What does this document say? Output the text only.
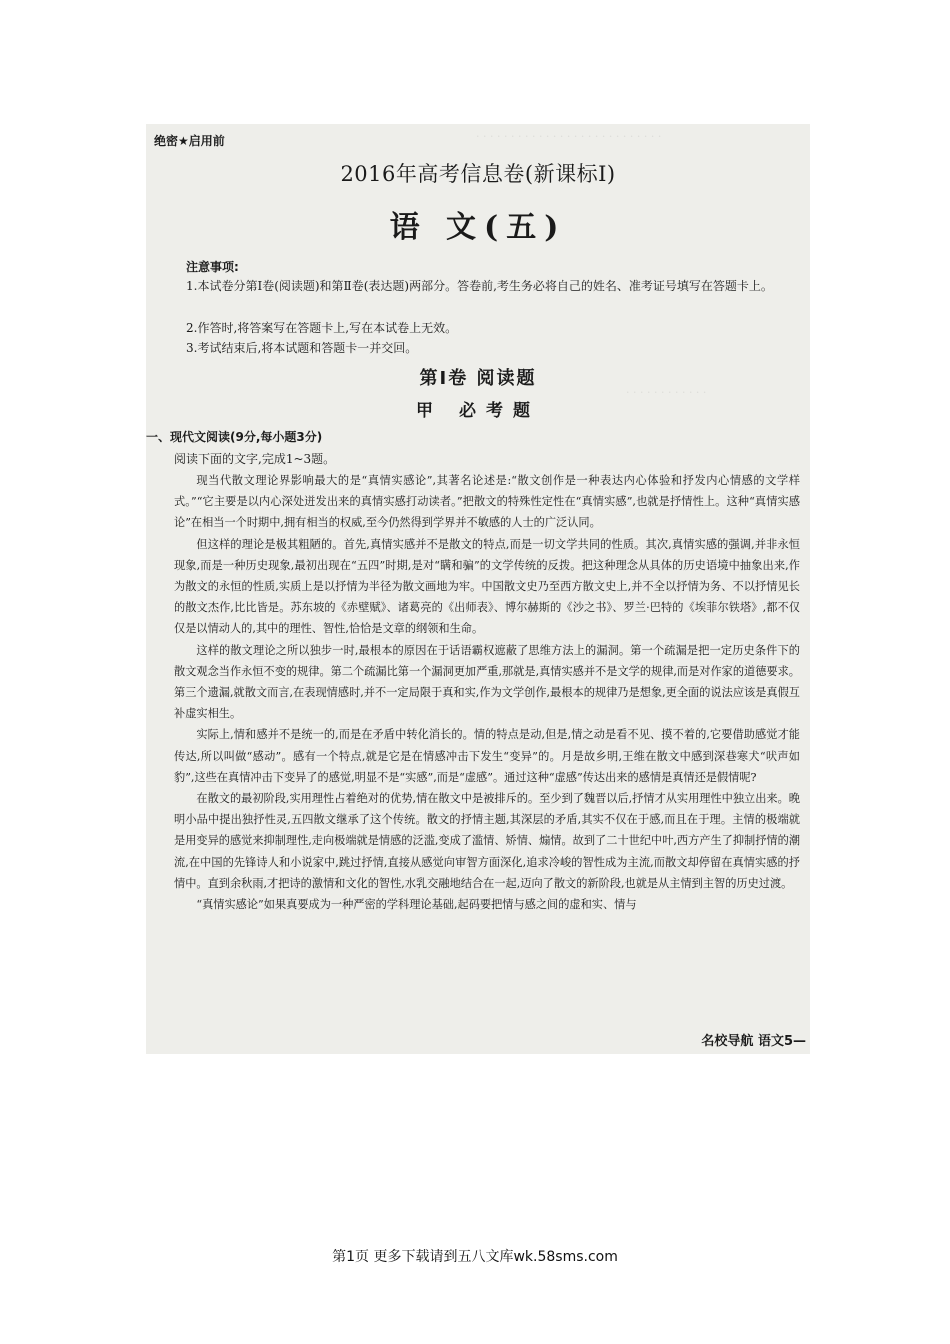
· · · · · · · · · · · · · · · · · · · · · · · · · · ·
· · · · · · · · · · · ·
绝密★启用前
2016年高考信息卷(新课标Ⅰ)
语 文(五)
注意事项:
1.本试卷分第Ⅰ卷(阅读题)和第Ⅱ卷(表达题)两部分。答卷前,考生务必将自己的姓名、准考证号填写在答题卡上。
2.作答时,将答案写在答题卡上,写在本试卷上无效。
3.考试结束后,将本试题和答题卡一并交回。
第Ⅰ卷 阅读题
甲 必考题
一、现代文阅读(9分,每小题3分)
阅读下面的文字,完成1~3题。

现当代散文理论界影响最大的是“真情实感论”,其著名论述是:“散文创作是一种表达内心体验和抒发内心情感的文学样式。”“它主要是以内心深处迸发出来的真情实感打动读者。”把散文的特殊性定性在“真情实感”,也就是抒情性上。这种“真情实感论”在相当一个时期中,拥有相当的权威,至今仍然得到学界并不敏感的人士的广泛认同。

但这样的理论是极其粗陋的。首先,真情实感并不是散文的特点,而是一切文学共同的性质。其次,真情实感的强调,并非永恒现象,而是一种历史现象,最初出现在“五四”时期,是对“瞒和骗”的文学传统的反拨。把这种理念从具体的历史语境中抽象出来,作为散文的永恒的性质,实质上是以抒情为半径为散文画地为牢。中国散文史乃至西方散文史上,并不全以抒情为务、不以抒情见长的散文杰作,比比皆是。苏东坡的《赤壁赋》、诸葛亮的《出师表》、博尔赫斯的《沙之书》、罗兰·巴特的《埃菲尔铁塔》,都不仅仅是以情动人的,其中的理性、智性,恰恰是文章的纲领和生命。

这样的散文理论之所以独步一时,最根本的原因在于话语霸权遮蔽了思维方法上的漏洞。第一个疏漏是把一定历史条件下的散文观念当作永恒不变的规律。第二个疏漏比第一个漏洞更加严重,那就是,真情实感并不是文学的规律,而是对作家的道德要求。第三个遗漏,就散文而言,在表现情感时,并不一定局限于真和实,作为文学创作,最根本的规律乃是想象,更全面的说法应该是真假互补虚实相生。

实际上,情和感并不是统一的,而是在矛盾中转化消长的。情的特点是动,但是,情之动是看不见、摸不着的,它要借助感觉才能传达,所以叫做“感动”。感有一个特点,就是它是在情感冲击下发生“变异”的。月是故乡明,王维在散文中感到深巷寒犬“吠声如豹”,这些在真情冲击下变异了的感觉,明显不是“实感”,而是“虚感”。通过这种“虚感”传达出来的感情是真情还是假情呢?

在散文的最初阶段,实用理性占着绝对的优势,情在散文中是被排斥的。至少到了魏晋以后,抒情才从实用理性中独立出来。晚明小品中提出独抒性灵,五四散文继承了这个传统。散文的抒情主题,其深层的矛盾,其实不仅在于感,而且在于理。主情的极端就是用变异的感觉来抑制理性,走向极端就是情感的泛滥,变成了滥情、矫情、煽情。故到了二十世纪中叶,西方产生了抑制抒情的潮流,在中国的先锋诗人和小说家中,跳过抒情,直接从感觉向审智方面深化,追求冷峻的智性成为主流,而散文却停留在真情实感的抒情中。直到余秋雨,才把诗的激情和文化的智性,水乳交融地结合在一起,迈向了散文的新阶段,也就是从主情到主智的历史过渡。

“真情实感论”如果真要成为一种严密的学科理论基础,起码要把情与感之间的虚和实、情与

名校导航 语文5—
第1页 更多下载请到五八文库wk.58sms.com
